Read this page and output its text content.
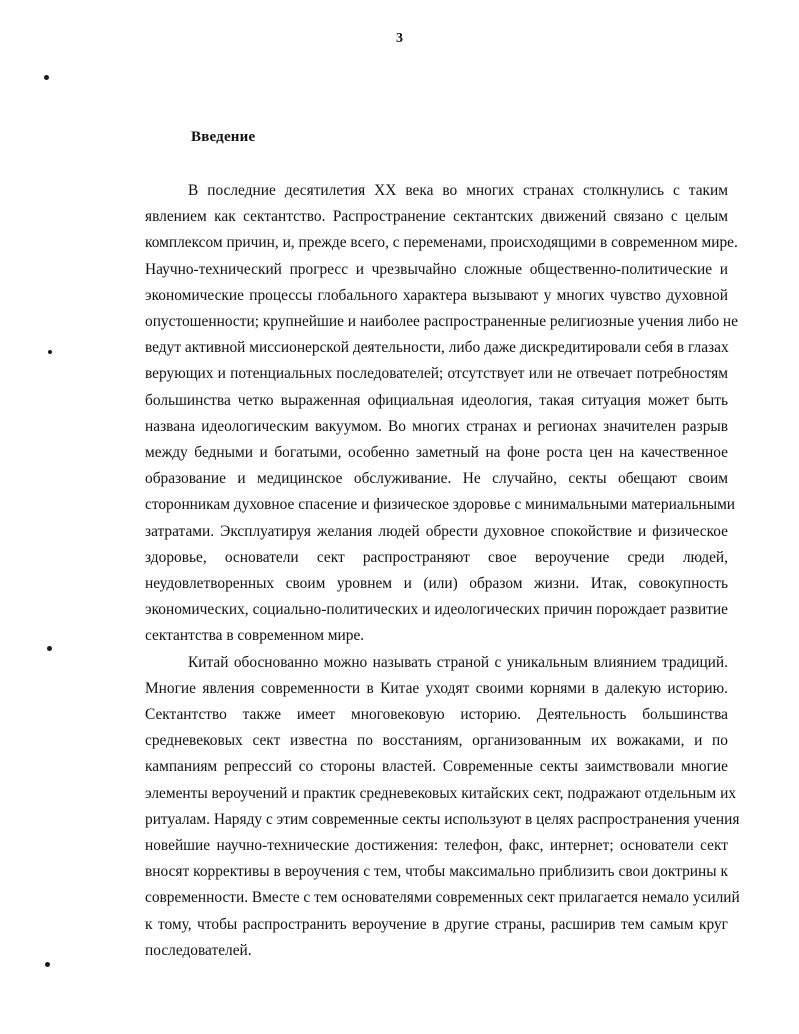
3
Введение
В последние десятилетия XX века во многих странах столкнулись с таким
явлением как сектантство. Распространение сектантских движений связано с целым
комплексом причин, и, прежде всего, с переменами, происходящими в современном мире.
Научно-технический прогресс и чрезвычайно сложные общественно-политические и
экономические процессы глобального характера вызывают у многих чувство духовной
опустошенности; крупнейшие и наиболее распространенные религиозные учения либо не
ведут активной миссионерской деятельности, либо даже дискредитировали себя в глазах
верующих и потенциальных последователей; отсутствует или не отвечает потребностям
большинства четко выраженная официальная идеология, такая ситуация может быть
названа идеологическим вакуумом. Во многих странах и регионах значителен разрыв
между бедными и богатыми, особенно заметный на фоне роста цен на качественное
образование и медицинское обслуживание. Не случайно, секты обещают своим
сторонникам духовное спасение и физическое здоровье с минимальными материальными
затратами. Эксплуатируя желания людей обрести духовное спокойствие и физическое
здоровье, основатели сект распространяют свое вероучение среди людей,
неудовлетворенных своим уровнем и (или) образом жизни. Итак, совокупность
экономических, социально-политических и идеологических причин порождает развитие
сектантства в современном мире.
Китай обоснованно можно называть страной с уникальным влиянием традиций.
Многие явления современности в Китае уходят своими корнями в далекую историю.
Сектантство также имеет многовековую историю. Деятельность большинства
средневековых сект известна по восстаниям, организованным их вожаками, и по
кампаниям репрессий со стороны властей. Современные секты заимствовали многие
элементы вероучений и практик средневековых китайских сект, подражают отдельным их
ритуалам. Наряду с этим современные секты используют в целях распространения учения
новейшие научно-технические достижения: телефон, факс, интернет; основатели сект
вносят коррективы в вероучения с тем, чтобы максимально приблизить свои доктрины к
современности. Вместе с тем основателями современных сект прилагается немало усилий
к тому, чтобы распространить вероучение в другие страны, расширив тем самым круг
последователей.
